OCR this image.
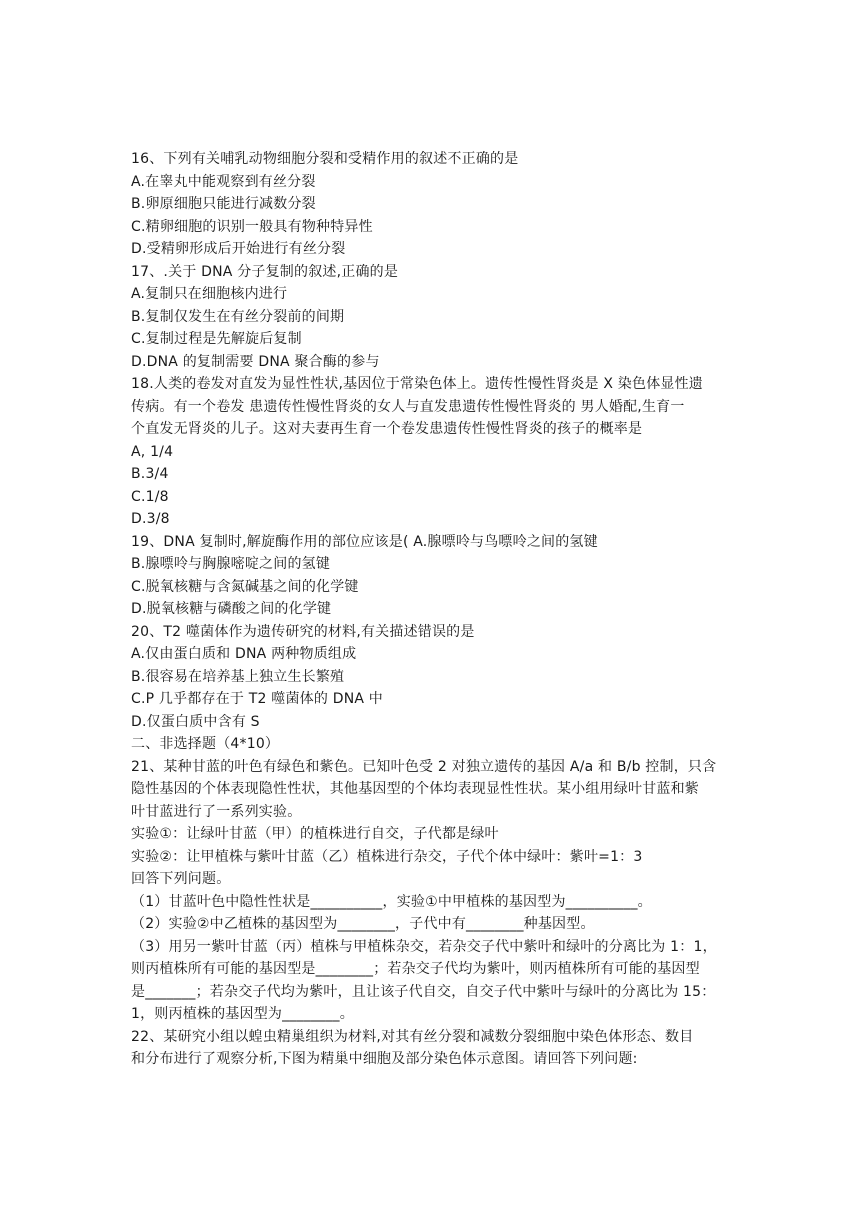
16、下列有关哺乳动物细胞分裂和受精作用的叙述不正确的是
A.在睾丸中能观察到有丝分裂
B.卵原细胞只能进行减数分裂
C.精卵细胞的识别一般具有物种特异性
D.受精卵形成后开始进行有丝分裂
17、.关于 DNA 分子复制的叙述,正确的是
A.复制只在细胞核内进行
B.复制仅发生在有丝分裂前的间期
C.复制过程是先解旋后复制
D.DNA 的复制需要 DNA 聚合酶的参与
18.人类的卷发对直发为显性性状,基因位于常染色体上。遗传性慢性肾炎是 X 染色体显性遗
传病。有一个卷发 患遗传性慢性肾炎的女人与直发患遗传性慢性肾炎的 男人婚配,生育一
个直发无肾炎的儿子。这对夫妻再生育一个卷发患遗传性慢性肾炎的孩子的概率是
A, 1/4
B.3/4
C.1/8
D.3/8
19、DNA 复制时,解旋酶作用的部位应该是( A.腺嘌呤与鸟嘌呤之间的氢键
B.腺嘌呤与胸腺嘧啶之间的氢键
C.脱氧核糖与含氮碱基之间的化学键
D.脱氧核糖与磷酸之间的化学键
20、T2 噬菌体作为遗传研究的材料,有关描述错误的是
A.仅由蛋白质和 DNA 两种物质组成
B.很容易在培养基上独立生长繁殖
C.P 几乎都存在于 T2 噬菌体的 DNA 中
D.仅蛋白质中含有 S
二、非选择题（4*10）
21、某种甘蓝的叶色有绿色和紫色。已知叶色受 2 对独立遗传的基因 A/a 和 B/b 控制，只含
隐性基因的个体表现隐性性状，其他基因型的个体均表现显性性状。某小组用绿叶甘蓝和紫
叶甘蓝进行了一系列实验。
实验①：让绿叶甘蓝（甲）的植株进行自交，子代都是绿叶
实验②：让甲植株与紫叶甘蓝（乙）植株进行杂交，子代个体中绿叶：紫叶=1：3
回答下列问题。
（1）甘蓝叶色中隐性性状是__________，实验①中甲植株的基因型为__________。
（2）实验②中乙植株的基因型为________，子代中有________种基因型。
（3）用另一紫叶甘蓝（丙）植株与甲植株杂交，若杂交子代中紫叶和绿叶的分离比为 1：1，
则丙植株所有可能的基因型是________；若杂交子代均为紫叶，则丙植株所有可能的基因型
是_______；若杂交子代均为紫叶，且让该子代自交，自交子代中紫叶与绿叶的分离比为 15：
1，则丙植株的基因型为________。
22、某研究小组以蝗虫精巢组织为材料,对其有丝分裂和减数分裂细胞中染色体形态、数目
和分布进行了观察分析,下图为精巢中细胞及部分染色体示意图。请回答下列问题:
